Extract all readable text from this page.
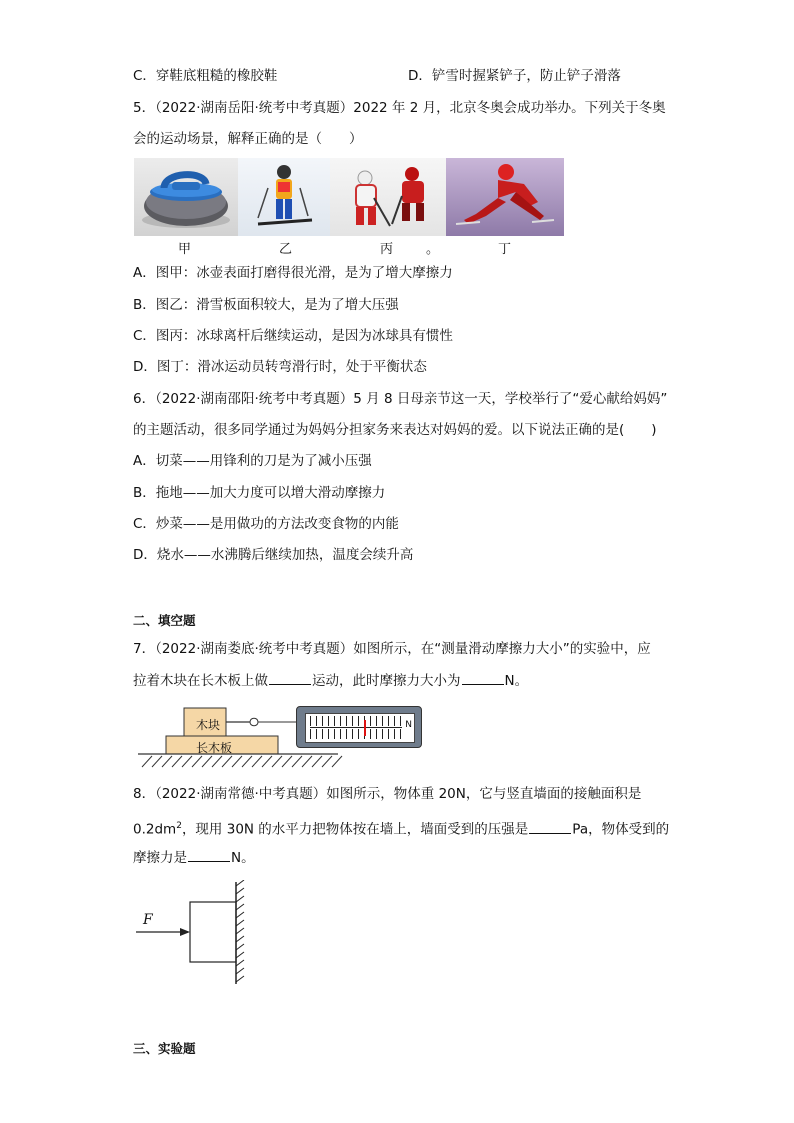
C．穿鞋底粗糙的橡胶鞋	D．铲雪时握紧铲子，防止铲子滑落
5．（2022·湖南岳阳·统考中考真题）2022 年 2 月，北京冬奥会成功举办。下列关于冬奥
会的运动场景，解释正确的是（　　）
甲	乙	丙	。	丁
A．图甲：冰壶表面打磨得很光滑，是为了增大摩擦力
B．图乙：滑雪板面积较大，是为了增大压强
C．图丙：冰球离杆后继续运动，是因为冰球具有惯性
D．图丁：滑冰运动员转弯滑行时，处于平衡状态
6．（2022·湖南邵阳·统考中考真题）5 月 8 日母亲节这一天，学校举行了“爱心献给妈妈”
的主题活动，很多同学通过为妈妈分担家务来表达对妈妈的爱。以下说法正确的是(　　)
A．切菜——用锋利的刀是为了减小压强
B．拖地——加大力度可以增大滑动摩擦力
C．炒菜——是用做功的方法改变食物的内能
D．烧水——水沸腾后继续加热，温度会续升高
二、填空题
7．（2022·湖南娄底·统考中考真题）如图所示，在“测量滑动摩擦力大小”的实验中，应
拉着木块在长木板上做	运动，此时摩擦力大小为	N。
木块
长木板
N
8．（2022·湖南常德·中考真题）如图所示，物体重 20N，它与竖直墙面的接触面积是
$0.2dm^2$，现用 30N 的水平力把物体按在墙上，墙面受到的压强是	Pa，物体受到的
摩擦力是	N。
F
三、实验题
